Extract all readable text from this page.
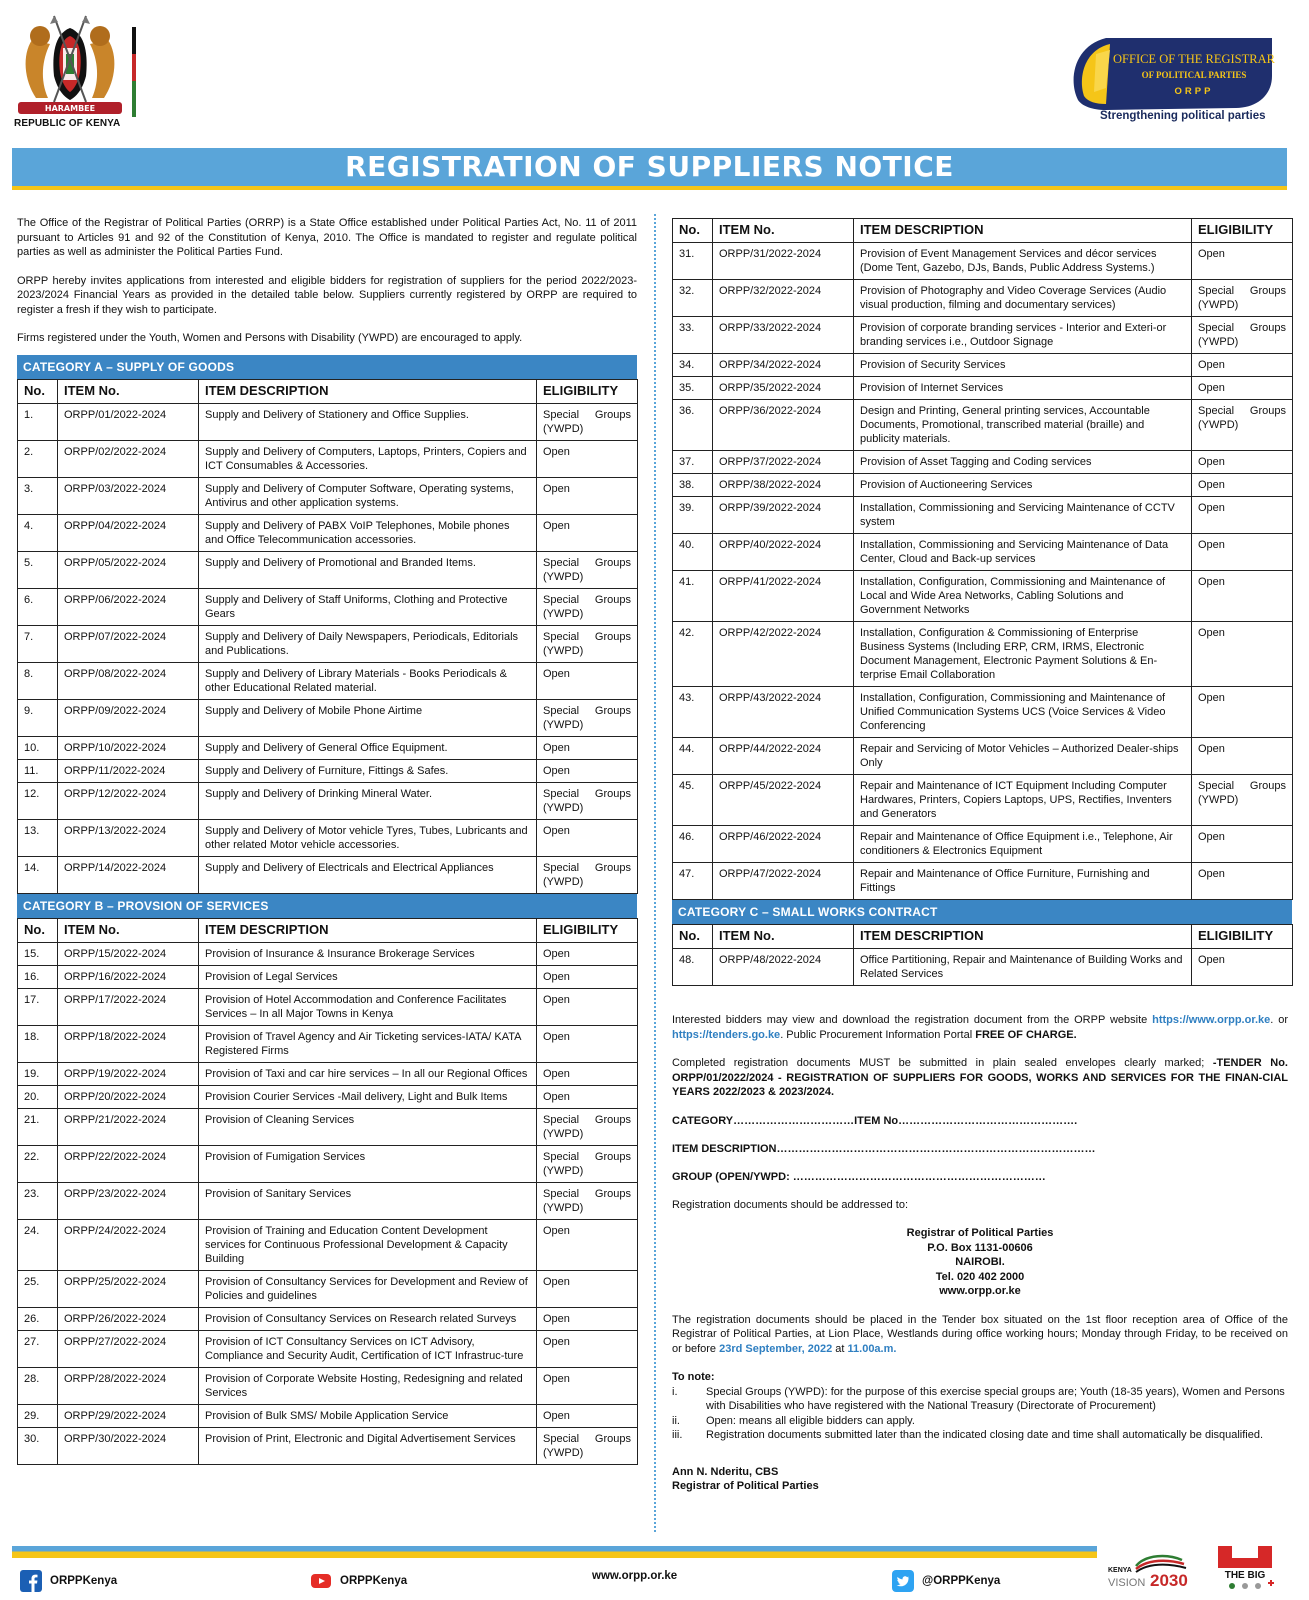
HARAMBEE
REPUBLIC OF KENYA
OFFICE OF THE REGISTRAR
OF POLITICAL PARTIES
ORPP
Strengthening political parties
REGISTRATION OF SUPPLIERS NOTICE

The Office of the Registrar of Political Parties (ORRP) is a State Office established under Political Parties Act, No. 11 of 2011 pursuant to Articles 91 and 92 of the Constitution of Kenya, 2010. The Office is mandated to register and regulate political parties as well as administer the Political Parties Fund.

ORPP hereby invites applications from interested and eligible bidders for registration of suppliers for the period 2022/2023-2023/2024 Financial Years as provided in the detailed table below. Suppliers currently registered by ORPP are required to register a fresh if they wish to participate.

Firms registered under the Youth, Women and Persons with Disability (YWPD) are encouraged to apply.

CATEGORY A – SUPPLY OF GOODS
No.	ITEM No.	ITEM DESCRIPTION	ELIGIBILITY
1.	ORPP/01/2022-2024	Supply and Delivery of Stationery and Office Supplies.	Special Groups
(YWPD)
2.	ORPP/02/2022-2024	Supply and Delivery of Computers, Laptops, Printers, Copiers and ICT Consumables & Accessories.	Open
3.	ORPP/03/2022-2024	Supply and Delivery of Computer Software, Operating systems, Antivirus and other application systems.	Open
4.	ORPP/04/2022-2024	Supply and Delivery of PABX VoIP Telephones, Mobile phones and Office Telecommunication accessories.	Open
5.	ORPP/05/2022-2024	Supply and Delivery of Promotional and Branded Items.	Special Groups
(YWPD)
6.	ORPP/06/2022-2024	Supply and Delivery of Staff Uniforms, Clothing and Protective Gears	Special Groups
(YWPD)
7.	ORPP/07/2022-2024	Supply and Delivery of Daily Newspapers, Periodicals, Editorials and Publications.	Special Groups
(YWPD)
8.	ORPP/08/2022-2024	Supply and Delivery of Library Materials - Books Periodicals & other Educational Related material.	Open
9.	ORPP/09/2022-2024	Supply and Delivery of Mobile Phone Airtime	Special Groups
(YWPD)
10.	ORPP/10/2022-2024	Supply and Delivery of General Office Equipment.	Open
11.	ORPP/11/2022-2024	Supply and Delivery of Furniture, Fittings & Safes.	Open
12.	ORPP/12/2022-2024	Supply and Delivery of Drinking Mineral Water.	Special Groups
(YWPD)
13.	ORPP/13/2022-2024	Supply and Delivery of Motor vehicle Tyres, Tubes, Lubricants and other related Motor vehicle accessories.	Open
14.	ORPP/14/2022-2024	Supply and Delivery of Electricals and Electrical Appliances	Special Groups
(YWPD)
CATEGORY B – PROVSION OF SERVICES
No.	ITEM No.	ITEM DESCRIPTION	ELIGIBILITY
15.	ORPP/15/2022-2024	Provision of Insurance & Insurance Brokerage Services	Open
16.	ORPP/16/2022-2024	Provision of Legal Services	Open
17.	ORPP/17/2022-2024	Provision of Hotel Accommodation and Conference Facilitates Services – In all Major Towns in Kenya	Open
18.	ORPP/18/2022-2024	Provision of Travel Agency and Air Ticketing services-IATA/ KATA Registered Firms	Open
19.	ORPP/19/2022-2024	Provision of Taxi and car hire services – In all our Regional Offices	Open
20.	ORPP/20/2022-2024	Provision Courier Services -Mail delivery, Light and Bulk Items	Open
21.	ORPP/21/2022-2024	Provision of Cleaning Services	Special Groups
(YWPD)
22.	ORPP/22/2022-2024	Provision of Fumigation Services	Special Groups
(YWPD)
23.	ORPP/23/2022-2024	Provision of Sanitary Services	Special Groups
(YWPD)
24.	ORPP/24/2022-2024	Provision of Training and Education Content Development services for Continuous Professional Development & Capacity Building	Open
25.	ORPP/25/2022-2024	Provision of Consultancy Services for Development and Review of Policies and guidelines	Open
26.	ORPP/26/2022-2024	Provision of Consultancy Services on Research related Surveys	Open
27.	ORPP/27/2022-2024	Provision of ICT Consultancy Services on ICT Advisory, Compliance and Security Audit, Certification of ICT Infrastruc-ture	Open
28.	ORPP/28/2022-2024	Provision of Corporate Website Hosting, Redesigning and related Services	Open
29.	ORPP/29/2022-2024	Provision of Bulk SMS/ Mobile Application Service	Open
30.	ORPP/30/2022-2024	Provision of Print, Electronic and Digital Advertisement Services	Special Groups
(YWPD)
No.	ITEM No.	ITEM DESCRIPTION	ELIGIBILITY
31.	ORPP/31/2022-2024	Provision of Event Management Services and décor services (Dome Tent, Gazebo, DJs, Bands, Public Address Systems.)	Open
32.	ORPP/32/2022-2024	Provision of Photography and Video Coverage Services (Audio visual production, filming and documentary services)	Special Groups
(YWPD)
33.	ORPP/33/2022-2024	Provision of corporate branding services - Interior and Exteri-or branding services i.e., Outdoor Signage	Special Groups
(YWPD)
34.	ORPP/34/2022-2024	Provision of Security Services	Open
35.	ORPP/35/2022-2024	Provision of Internet Services	Open
36.	ORPP/36/2022-2024	Design and Printing, General printing services, Accountable Documents, Promotional, transcribed material (braille) and publicity materials.	Special Groups
(YWPD)
37.	ORPP/37/2022-2024	Provision of Asset Tagging and Coding services	Open
38.	ORPP/38/2022-2024	Provision of Auctioneering Services	Open
39.	ORPP/39/2022-2024	Installation, Commissioning and Servicing Maintenance of CCTV system	Open
40.	ORPP/40/2022-2024	Installation, Commissioning and Servicing Maintenance of Data Center, Cloud and Back-up services	Open
41.	ORPP/41/2022-2024	Installation, Configuration, Commissioning and Maintenance of Local and Wide Area Networks, Cabling Solutions and Government Networks	Open
42.	ORPP/42/2022-2024	Installation, Configuration & Commissioning of Enterprise Business Systems (Including ERP, CRM, IRMS, Electronic Document Management, Electronic Payment Solutions & En-terprise Email Collaboration	Open
43.	ORPP/43/2022-2024	Installation, Configuration, Commissioning and Maintenance of Unified Communication Systems UCS (Voice Services & Video Conferencing	Open
44.	ORPP/44/2022-2024	Repair and Servicing of Motor Vehicles – Authorized Dealer-ships Only	Open
45.	ORPP/45/2022-2024	Repair and Maintenance of ICT Equipment Including Computer Hardwares, Printers, Copiers Laptops, UPS, Rectifies, Inventers and Generators	Special Groups
(YWPD)
46.	ORPP/46/2022-2024	Repair and Maintenance of Office Equipment i.e., Telephone, Air conditioners & Electronics Equipment	Open
47.	ORPP/47/2022-2024	Repair and Maintenance of Office Furniture, Furnishing and Fittings	Open
CATEGORY C – SMALL WORKS CONTRACT
No.	ITEM No.	ITEM DESCRIPTION	ELIGIBILITY
48.	ORPP/48/2022-2024	Office Partitioning, Repair and Maintenance of Building Works and Related Services	Open

Interested bidders may view and download the registration document from the ORPP website https://www.orpp.or.ke. or https://tenders.go.ke. Public Procurement Information Portal FREE OF CHARGE.

Completed registration documents MUST be submitted in plain sealed envelopes clearly marked; -TENDER No. ORPP/01/2022/2024 - REGISTRATION OF SUPPLIERS FOR GOODS, WORKS AND SERVICES FOR THE FINAN-CIAL YEARS 2022/2023 & 2023/2024.

CATEGORY……………………………ITEM No………………………………………….
ITEM DESCRIPTION……………………………………………………………………………
GROUP (OPEN/YWPD: ……………………………………………………………

Registration documents should be addressed to:

Registrar of Political Parties
P.O. Box 1131-00606
NAIROBI.
Tel. 020 402 2000
www.orpp.or.ke

The registration documents should be placed in the Tender box situated on the 1st floor reception area of Office of the Registrar of Political Parties, at Lion Place, Westlands during office working hours; Monday through Friday, to be received on or before 23rd September, 2022 at 11.00a.m.

To note:
i.	Special Groups (YWPD): for the purpose of this exercise special groups are; Youth (18-35 years), Women and Persons with Disabilities who have registered with the National Treasury (Directorate of Procurement)
ii.	Open: means all eligible bidders can apply.
iii.	Registration documents submitted later than the indicated closing date and time shall automatically be disqualified.
Ann N. Nderitu, CBS
Registrar of Political Parties
ORPPKenya	ORPPKenya	www.orpp.or.ke	@ORPPKenya
KENYA
VISION 2030	THE BIG
